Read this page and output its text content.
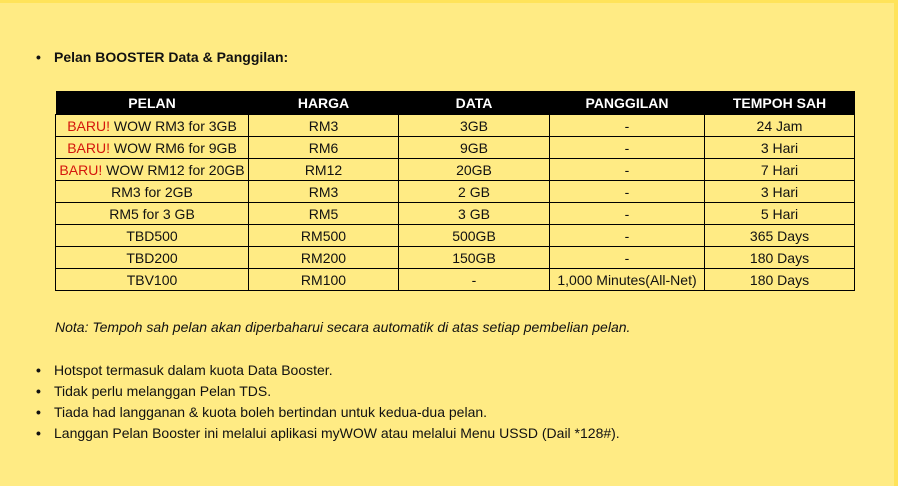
• Pelan BOOSTER Data & Panggilan:
PELAN	HARGA	DATA	PANGGILAN	TEMPOH SAH
BARU! WOW RM3 for 3GB	RM3	3GB	-	24 Jam
BARU! WOW RM6 for 9GB	RM6	9GB	-	3 Hari
BARU! WOW RM12 for 20GB	RM12	20GB	-	7 Hari
RM3 for 2GB	RM3	2 GB	-	3 Hari
RM5 for 3 GB	RM5	3 GB	-	5 Hari
TBD500	RM500	500GB	-	365 Days
TBD200	RM200	150GB	-	180 Days
TBV100	RM100	-	1,000 Minutes(All-Net)	180 Days
Nota: Tempoh sah pelan akan diperbaharui secara automatik di atas setiap pembelian pelan.
• Hotspot termasuk dalam kuota Data Booster.
• Tidak perlu melanggan Pelan TDS.
• Tiada had langganan & kuota boleh bertindan untuk kedua-dua pelan.
• Langgan Pelan Booster ini melalui aplikasi myWOW atau melalui Menu USSD (Dail *128#).
